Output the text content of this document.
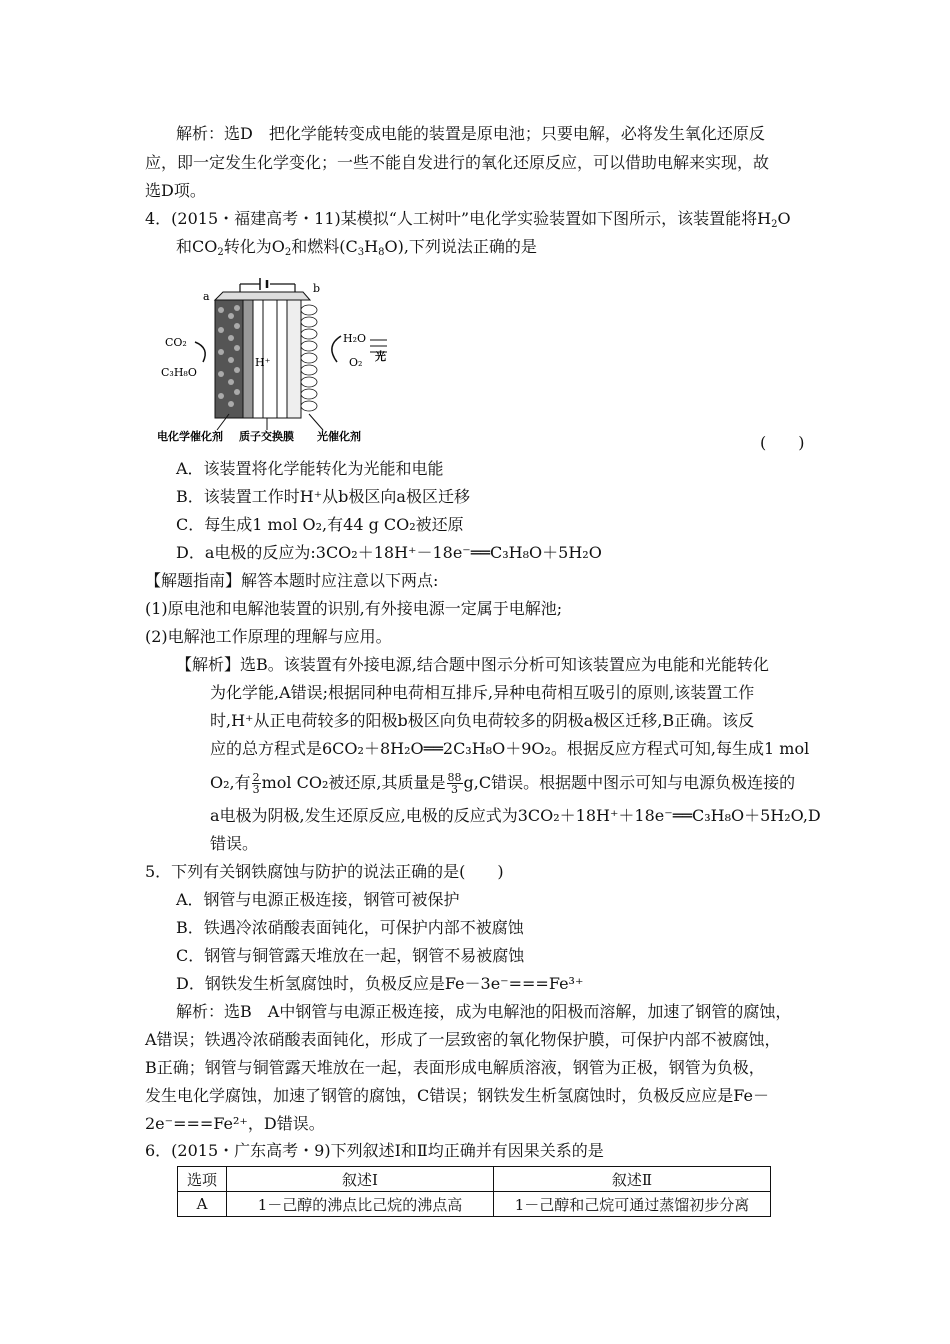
解析：选D　把化学能转变成电能的装置是原电池；只要电解，必将发生氧化还原反
应，即一定发生化学变化；一些不能自发进行的氧化还原反应，可以借助电解来实现，故
选D项。
4．(2015・福建高考・11)某模拟“人工树叶”电化学实验装置如下图所示，该装置能将$H_2O$
和$CO_2$转化为$O_2$和燃料$(C_3H_8O)$,下列说法正确的是
H⁺
a
b
CO₂
C₃H₈O
H₂O
O₂ 光
电化学催化剂 质子交换膜 光催化剂	(　　)
A．该装置将化学能转化为光能和电能
B．该装置工作时H⁺从b极区向a极区迁移
C．每生成1 mol O₂,有44 g CO₂被还原
D．a电极的反应为:3CO₂＋18H⁺－18e⁻══C₃H₈O＋5H₂O
【解题指南】解答本题时应注意以下两点:
(1)原电池和电解池装置的识别,有外接电源一定属于电解池;
(2)电解池工作原理的理解与应用。
【解析】选B。该装置有外接电源,结合题中图示分析可知该装置应为电能和光能转化
为化学能,A错误;根据同种电荷相互排斥,异种电荷相互吸引的原则,该装置工作
时,H⁺从正电荷较多的阳极b极区向负电荷较多的阴极a极区迁移,B正确。该反
应的总方程式是6CO₂＋8H₂O══2C₃H₈O＋9O₂。根据反应方程式可知,每生成1 mol
O₂,有 $\frac{2}{3}$ mol CO₂被还原,其质量是 $\frac{88}{3} g,C$错误。根据题中图示可知与电源负极连接的
a电极为阴极,发生还原反应,电极的反应式为3CO₂＋18H⁺＋18e⁻══C₃H₈O＋5H₂O,D
错误。
5．下列有关钢铁腐蚀与防护的说法正确的是(　　)
A．钢管与电源正极连接，钢管可被保护
B．铁遇冷浓硝酸表面钝化，可保护内部不被腐蚀
C．钢管与铜管露天堆放在一起，钢管不易被腐蚀
D．钢铁发生析氢腐蚀时，负极反应是Fe－3e⁻===Fe³⁺
解析：选B　A中钢管与电源正极连接，成为电解池的阳极而溶解，加速了钢管的腐蚀，
A错误；铁遇冷浓硝酸表面钝化，形成了一层致密的氧化物保护膜，可保护内部不被腐蚀，
B正确；钢管与铜管露天堆放在一起，表面形成电解质溶液，钢管为正极，钢管为负极，
发生电化学腐蚀，加速了钢管的腐蚀，C错误；钢铁发生析氢腐蚀时，负极反应应是Fe－
2e⁻===Fe²⁺，D错误。
6．(2015・广东高考・9)下列叙述Ⅰ和Ⅱ均正确并有因果关系的是
选项	叙述Ⅰ	叙述Ⅱ
A	1－己醇的沸点比己烷的沸点高	1－己醇和己烷可通过蒸馏初步分离
